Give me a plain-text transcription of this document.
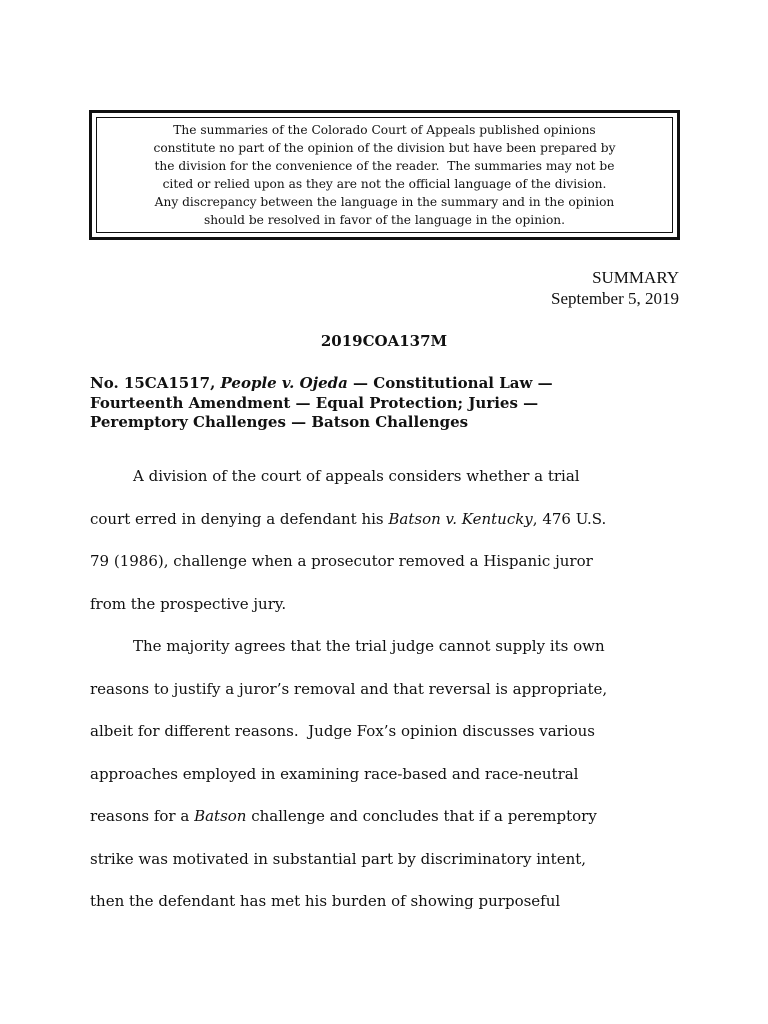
The summaries of the Colorado Court of Appeals published opinions
constitute no part of the opinion of the division but have been prepared by
the division for the convenience of the reader.  The summaries may not be
cited or relied upon as they are not the official language of the division.
Any discrepancy between the language in the summary and in the opinion
should be resolved in favor of the language in the opinion.

SUMMARY
September 5, 2019
2019COA137M

No. 15CA1517, People v. Ojeda — Constitutional Law —
Fourteenth Amendment — Equal Protection; Juries —
Peremptory Challenges — Batson Challenges

A division of the court of appeals considers whether a trial
court erred in denying a defendant his Batson v. Kentucky, 476 U.S.
79 (1986), challenge when a prosecutor removed a Hispanic juror
from the prospective jury.

The majority agrees that the trial judge cannot supply its own
reasons to justify a juror’s removal and that reversal is appropriate,
albeit for different reasons.  Judge Fox’s opinion discusses various
approaches employed in examining race-based and race-neutral
reasons for a Batson challenge and concludes that if a peremptory
strike was motivated in substantial part by discriminatory intent,
then the defendant has met his burden of showing purposeful
